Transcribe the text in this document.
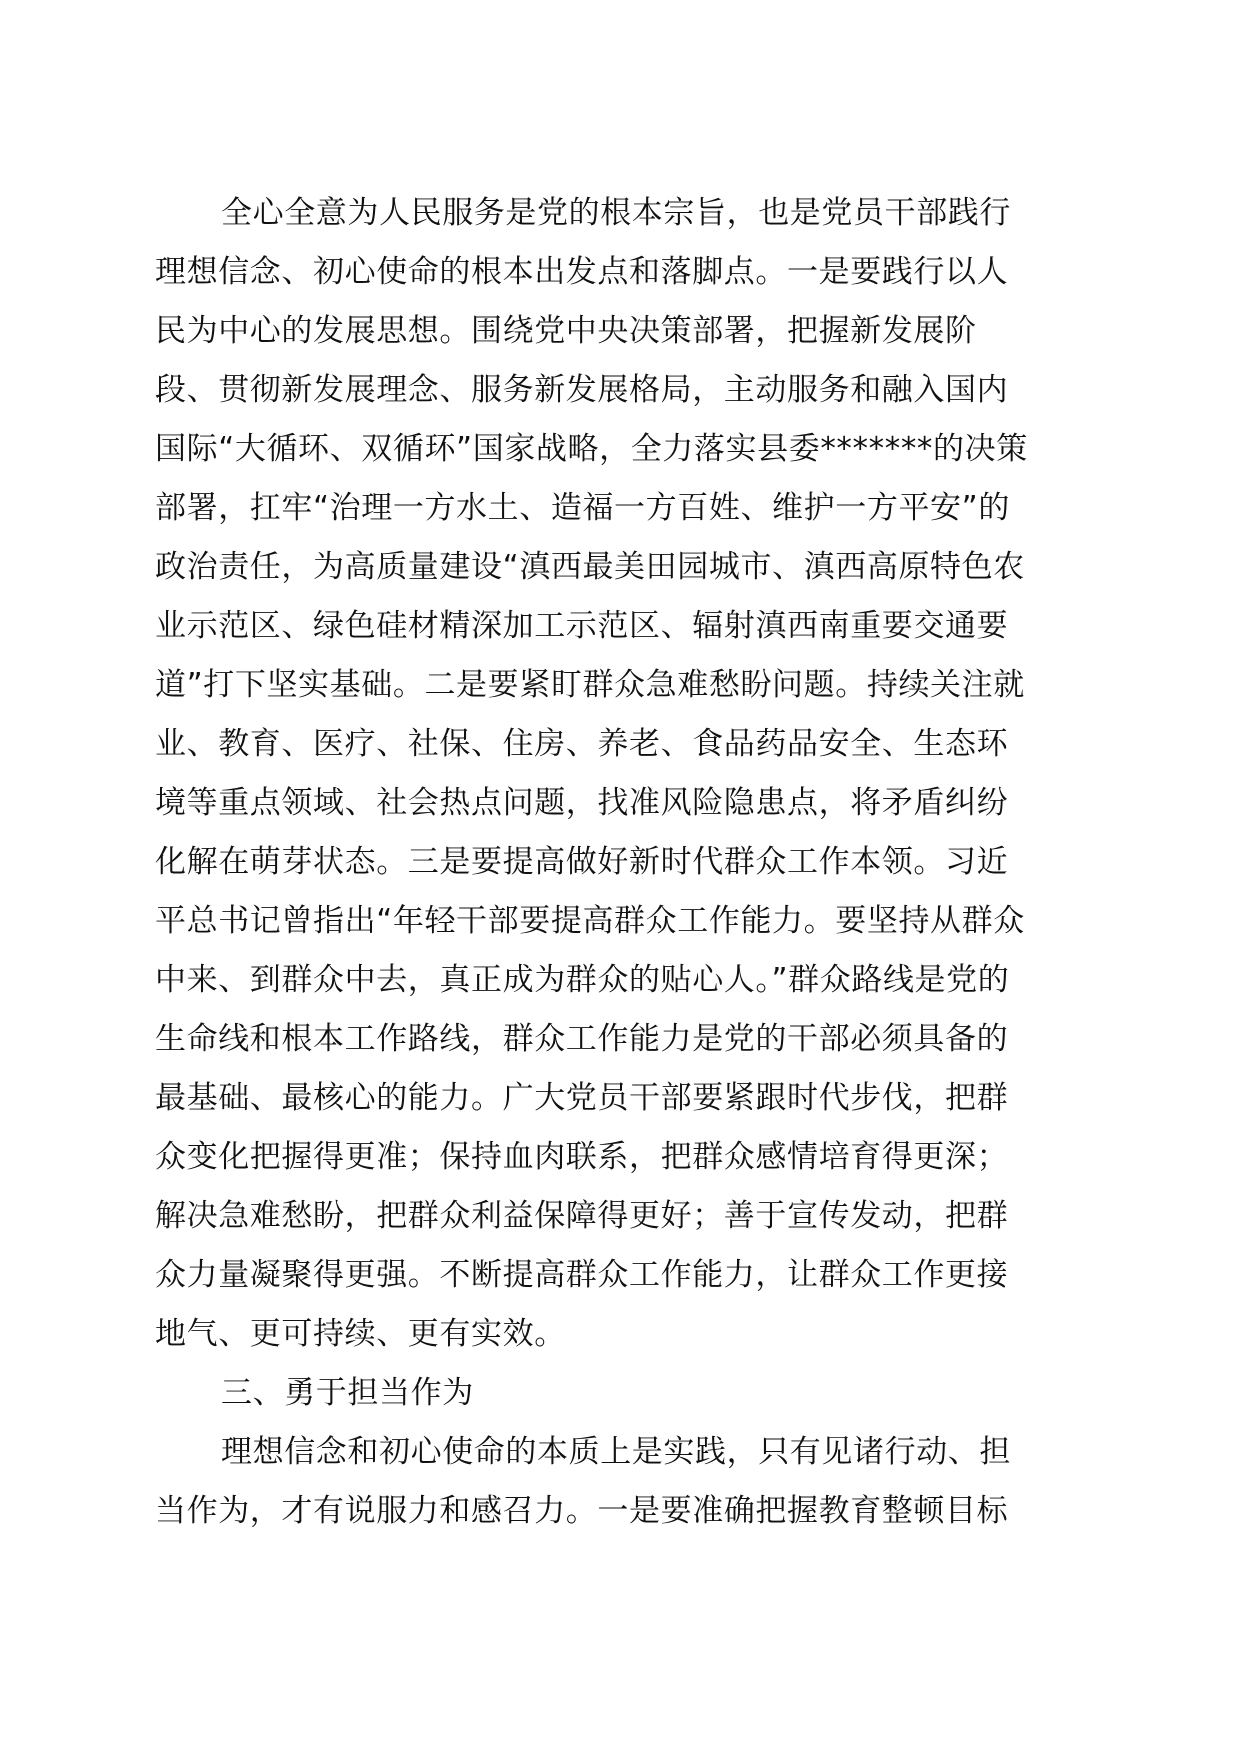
全心全意为人民服务是党的根本宗旨，也是党员干部践行
理想信念、初心使命的根本出发点和落脚点。一是要践行以人
民为中心的发展思想。围绕党中央决策部署，把握新发展阶
段、贯彻新发展理念、服务新发展格局，主动服务和融入国内
国际“大循环、双循环”国家战略，全力落实县委*******的决策
部署，扛牢“治理一方水土、造福一方百姓、维护一方平安”的
政治责任，为高质量建设“滇西最美田园城市、滇西高原特色农
业示范区、绿色硅材精深加工示范区、辐射滇西南重要交通要
道”打下坚实基础。二是要紧盯群众急难愁盼问题。持续关注就
业、教育、医疗、社保、住房、养老、食品药品安全、生态环
境等重点领域、社会热点问题，找准风险隐患点，将矛盾纠纷
化解在萌芽状态。三是要提高做好新时代群众工作本领。习近
平总书记曾指出“年轻干部要提高群众工作能力。要坚持从群众
中来、到群众中去，真正成为群众的贴心人。”群众路线是党的
生命线和根本工作路线，群众工作能力是党的干部必须具备的
最基础、最核心的能力。广大党员干部要紧跟时代步伐，把群
众变化把握得更准；保持血肉联系，把群众感情培育得更深；
解决急难愁盼，把群众利益保障得更好；善于宣传发动，把群
众力量凝聚得更强。不断提高群众工作能力，让群众工作更接
地气、更可持续、更有实效。
三、勇于担当作为
理想信念和初心使命的本质上是实践，只有见诸行动、担
当作为，才有说服力和感召力。一是要准确把握教育整顿目标
